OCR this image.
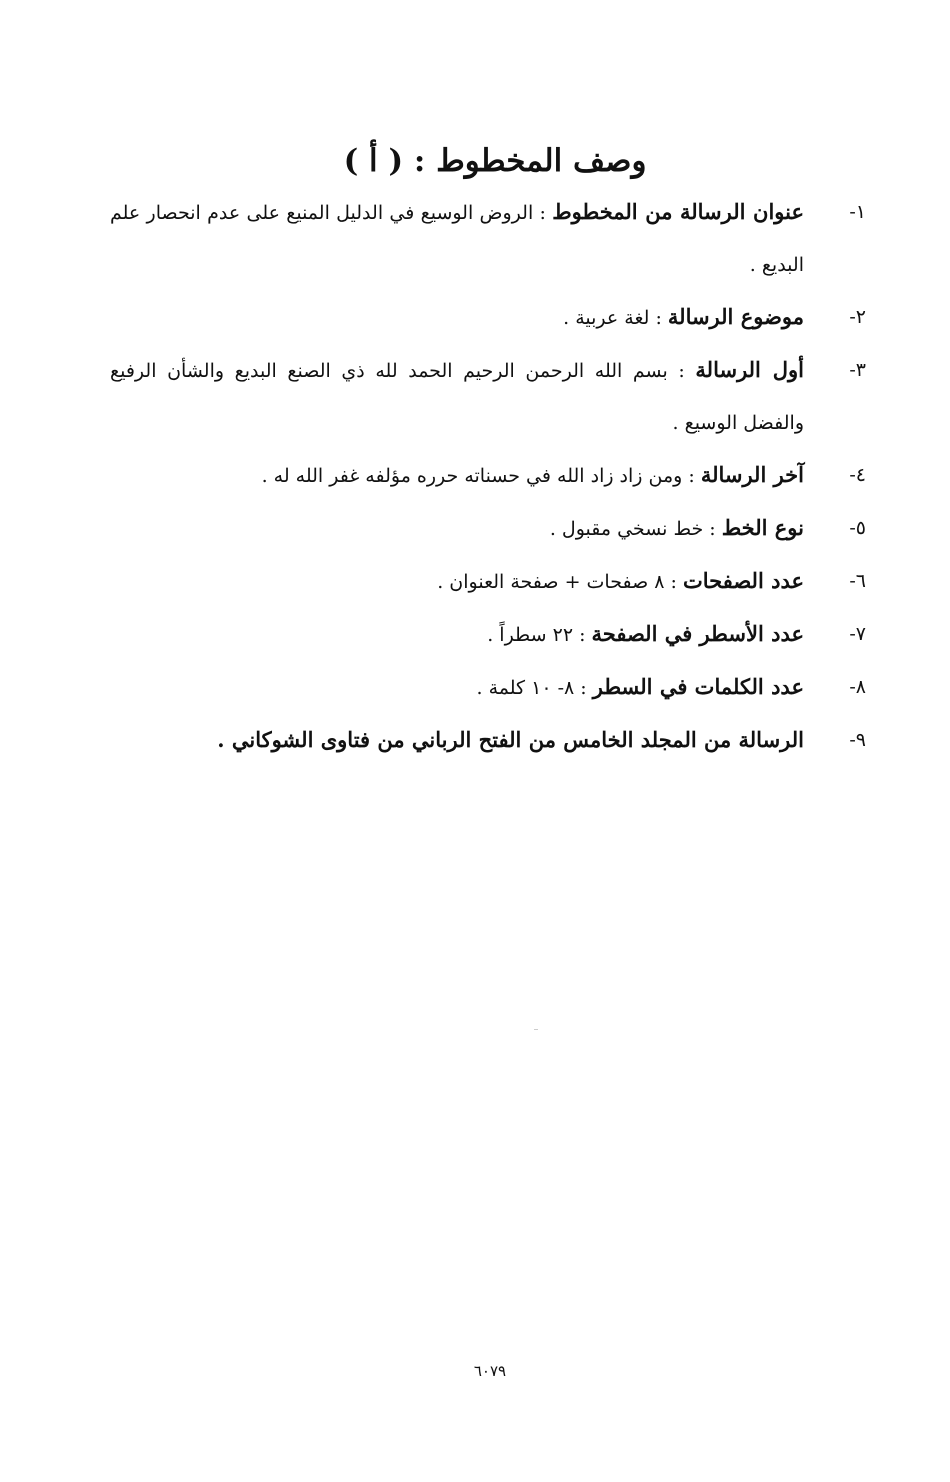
وصف المخطوط : ( أ )
١-
عنوان الرسالة من المخطوط : الروض الوسيع في الدليل المنيع على عدم انحصار علم البديع .
٢-
موضوع الرسالة : لغة عربية .
٣-
أول الرسالة : بسم الله الرحمن الرحيم الحمد لله ذي الصنع البديع والشأن الرفيع والفضل الوسيع .
٤-
آخر الرسالة : ومن زاد زاد الله في حسناته حرره مؤلفه غفر الله له .
٥-
نوع الخط : خط نسخي مقبول .
٦-
عدد الصفحات : ٨ صفحات + صفحة العنوان .
٧-
عدد الأسطر في الصفحة : ٢٢ سطراً .
٨-
عدد الكلمات في السطر : ٨- ١٠ كلمة .
٩-
الرسالة من المجلد الخامس من الفتح الرباني من فتاوى الشوكاني .
٦٠٧٩
